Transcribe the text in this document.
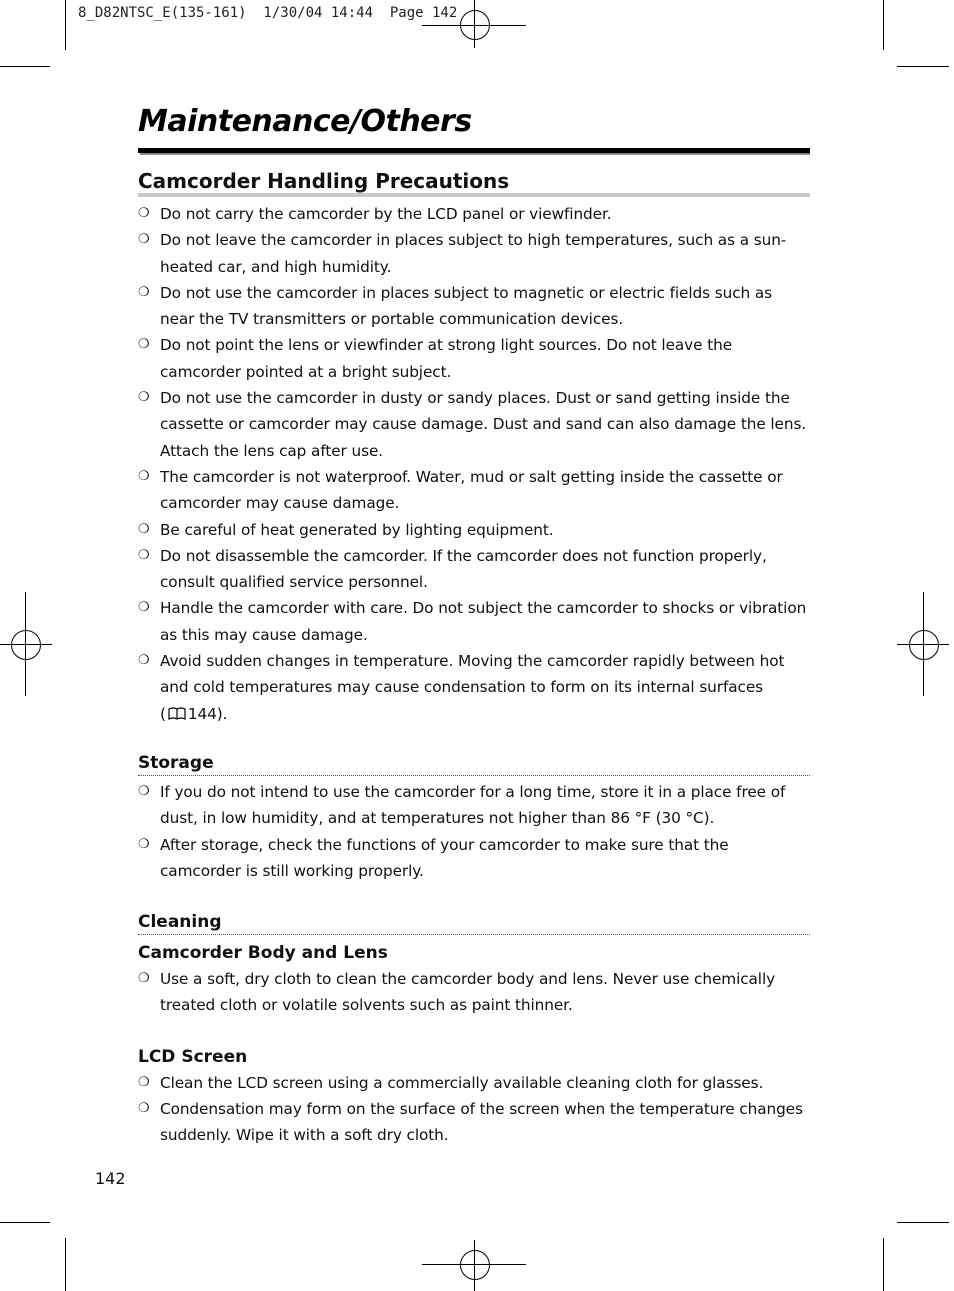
8_D82NTSC_E(135-161)  1/30/04 14:44  Page 142
Maintenance/Others
Camcorder Handling Precautions
❍ Do not carry the camcorder by the LCD panel or viewfinder.
❍ Do not leave the camcorder in places subject to high temperatures, such as a sun-heated car, and high humidity.
❍ Do not use the camcorder in places subject to magnetic or electric fields such as near the TV transmitters or portable communication devices.
❍ Do not point the lens or viewfinder at strong light sources. Do not leave the camcorder pointed at a bright subject.
❍ Do not use the camcorder in dusty or sandy places. Dust or sand getting inside the cassette or camcorder may cause damage. Dust and sand can also damage the lens. Attach the lens cap after use.
❍ The camcorder is not waterproof. Water, mud or salt getting inside the cassette or camcorder may cause damage.
❍ Be careful of heat generated by lighting equipment.
❍ Do not disassemble the camcorder. If the camcorder does not function properly, consult qualified service personnel.
❍ Handle the camcorder with care. Do not subject the camcorder to shocks or vibration as this may cause damage.
❍ Avoid sudden changes in temperature. Moving the camcorder rapidly between hot and cold temperatures may cause condensation to form on its internal surfaces
( 144).
Storage
❍ If you do not intend to use the camcorder for a long time, store it in a place free of dust, in low humidity, and at temperatures not higher than 86 °F (30 °C).
❍ After storage, check the functions of your camcorder to make sure that the camcorder is still working properly.
Cleaning
Camcorder Body and Lens
❍ Use a soft, dry cloth to clean the camcorder body and lens. Never use chemically treated cloth or volatile solvents such as paint thinner.
LCD Screen
❍ Clean the LCD screen using a commercially available cleaning cloth for glasses.
❍ Condensation may form on the surface of the screen when the temperature changes suddenly. Wipe it with a soft dry cloth.

142
